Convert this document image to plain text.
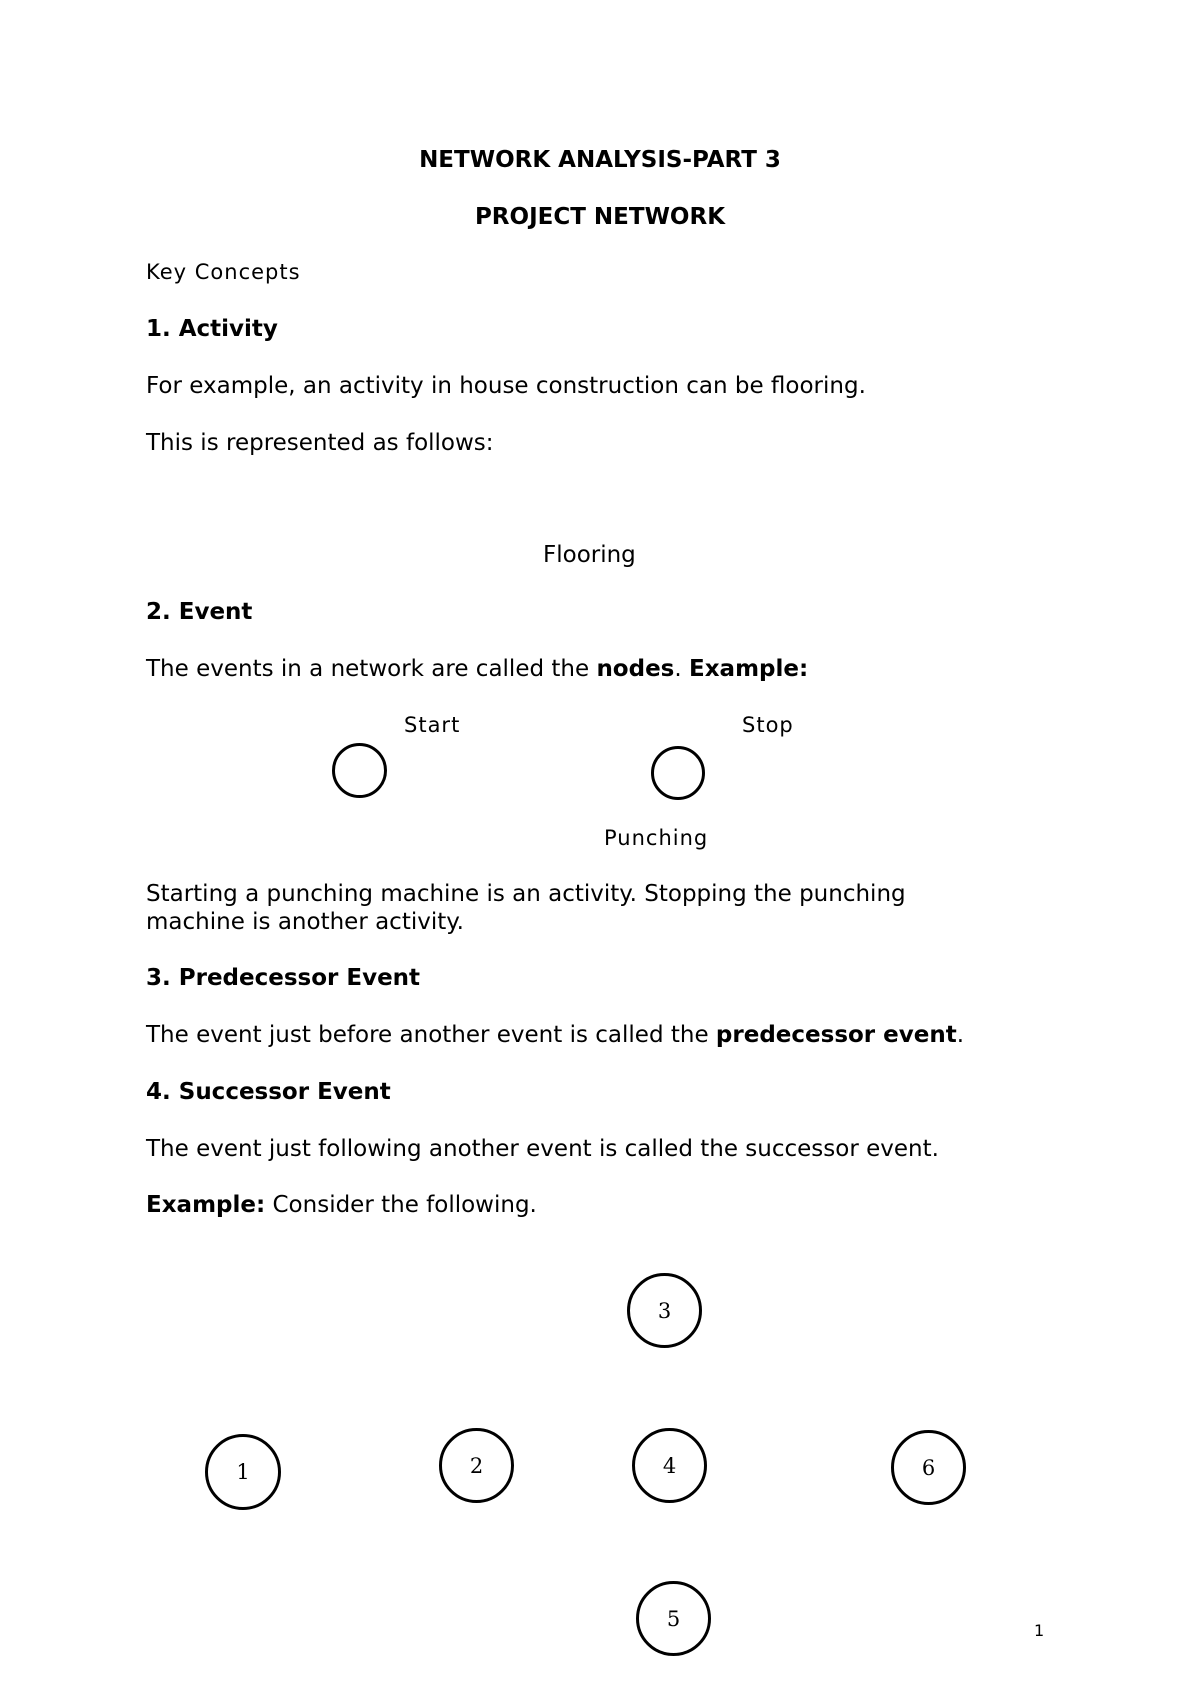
NETWORK ANALYSIS-PART 3
PROJECT NETWORK
Key Concepts
1. Activity
For example, an activity in house construction can be flooring.
This is represented as follows:
Flooring
2. Event
The events in a network are called the nodes. Example:
Start	Stop
Punching
Starting a punching machine is an activity. Stopping the punching
machine is another activity.
3. Predecessor Event
The event just before another event is called the predecessor event.
4. Successor Event
The event just following another event is called the successor event.
Example: Consider the following.
3
1	2	4	6
5	1
